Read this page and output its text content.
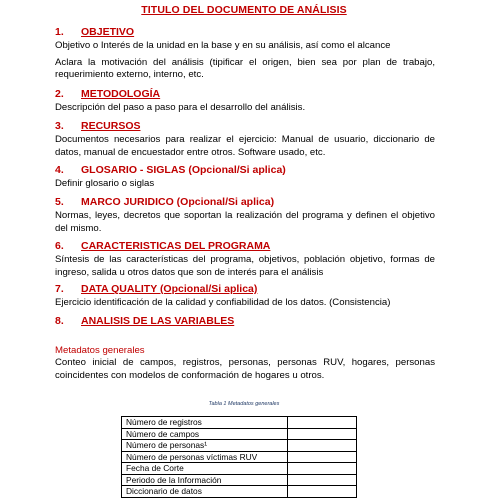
TITULO DEL DOCUMENTO DE ANÁLISIS
1. OBJETIVO
Objetivo o Interés de la unidad en la base y en su análisis, así como el alcance
Aclara la motivación del análisis (tipificar el origen, bien sea por plan de trabajo, requerimiento externo, interno, etc.
2. METODOLOGÍA
Descripción del paso a paso para el desarrollo del análisis.
3. RECURSOS
Documentos necesarios para realizar el ejercicio: Manual de usuario, diccionario de datos, manual de encuestador entre otros. Software usado, etc.
4. GLOSARIO - SIGLAS (Opcional/Si aplica)
Definir glosario o siglas
5. MARCO JURIDICO (Opcional/Si aplica)
Normas, leyes, decretos que soportan la realización del programa y definen el objetivo del mismo.
6. CARACTERISTICAS DEL PROGRAMA
Síntesis de las características del programa, objetivos, población objetivo, formas de ingreso, salida u otros datos que son de interés para el análisis
7. DATA QUALITY (Opcional/Si aplica)
Ejercicio identificación de la calidad y confiabilidad de los datos. (Consistencia)
8. ANALISIS DE LAS VARIABLES
Metadatos generales
Conteo inicial de campos, registros, personas, personas RUV, hogares, personas coincidentes con modelos de conformación de hogares u otros.
Tabla 1 Metadatos generales
Número de registros	
Número de campos	
Número de personas¹	
Número de personas víctimas RUV	
Fecha de Corte	
Periodo de la Información	
Diccionario de datos	
